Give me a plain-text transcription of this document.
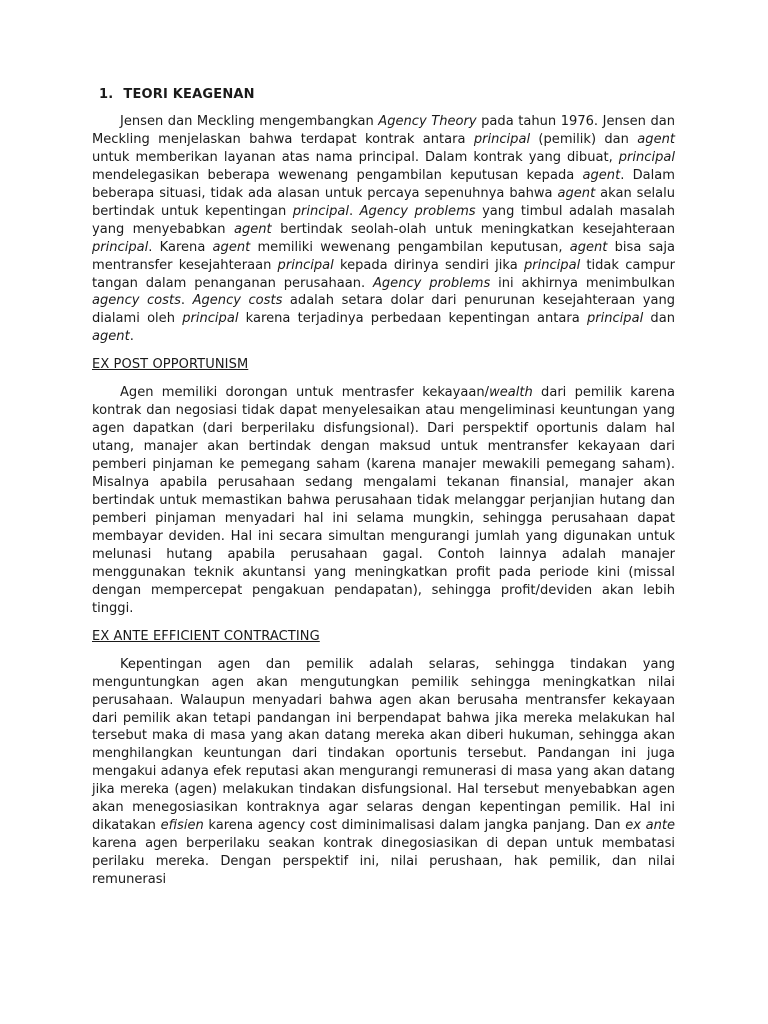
1. TEORI KEAGENAN

Jensen dan Meckling mengembangkan Agency Theory pada tahun 1976. Jensen dan Meckling menjelaskan bahwa terdapat kontrak antara principal (pemilik) dan agent untuk memberikan layanan atas nama principal. Dalam kontrak yang dibuat, principal mendelegasikan beberapa wewenang pengambilan keputusan kepada agent. Dalam beberapa situasi, tidak ada alasan untuk percaya sepenuhnya bahwa agent akan selalu bertindak untuk kepentingan principal. Agency problems yang timbul adalah masalah yang menyebabkan agent bertindak seolah-olah untuk meningkatkan kesejahteraan principal. Karena agent memiliki wewenang pengambilan keputusan, agent bisa saja mentransfer kesejahteraan principal kepada dirinya sendiri jika principal tidak campur tangan dalam penanganan perusahaan. Agency problems ini akhirnya menimbulkan agency costs. Agency costs adalah setara dolar dari penurunan kesejahteraan yang dialami oleh principal karena terjadinya perbedaan kepentingan antara principal dan agent.

EX POST OPPORTUNISM

Agen memiliki dorongan untuk mentrasfer kekayaan/wealth dari pemilik karena kontrak dan negosiasi tidak dapat menyelesaikan atau mengeliminasi keuntungan yang agen dapatkan (dari berperilaku disfungsional). Dari perspektif oportunis dalam hal utang, manajer akan bertindak dengan maksud untuk mentransfer kekayaan dari pemberi pinjaman ke pemegang saham (karena manajer mewakili pemegang saham). Misalnya apabila perusahaan sedang mengalami tekanan finansial, manajer akan bertindak untuk memastikan bahwa perusahaan tidak melanggar perjanjian hutang dan pemberi pinjaman menyadari hal ini selama mungkin, sehingga perusahaan dapat membayar deviden. Hal ini secara simultan mengurangi jumlah yang digunakan untuk melunasi hutang apabila perusahaan gagal. Contoh lainnya adalah manajer menggunakan teknik akuntansi yang meningkatkan profit pada periode kini (missal dengan mempercepat pengakuan pendapatan), sehingga profit/deviden akan lebih tinggi.

EX ANTE EFFICIENT CONTRACTING

Kepentingan agen dan pemilik adalah selaras, sehingga tindakan yang menguntungkan agen akan mengutungkan pemilik sehingga meningkatkan nilai perusahaan. Walaupun menyadari bahwa agen akan berusaha mentransfer kekayaan dari pemilik akan tetapi pandangan ini berpendapat bahwa jika mereka melakukan hal tersebut maka di masa yang akan datang mereka akan diberi hukuman, sehingga akan menghilangkan keuntungan dari tindakan oportunis tersebut. Pandangan ini juga mengakui adanya efek reputasi akan mengurangi remunerasi di masa yang akan datang jika mereka (agen) melakukan tindakan disfungsional. Hal tersebut menyebabkan agen akan menegosiasikan kontraknya agar selaras dengan kepentingan pemilik. Hal ini dikatakan efisien karena agency cost diminimalisasi dalam jangka panjang. Dan ex ante karena agen berperilaku seakan kontrak dinegosiasikan di depan untuk membatasi perilaku mereka. Dengan perspektif ini, nilai perushaan, hak pemilik, dan nilai remunerasi
